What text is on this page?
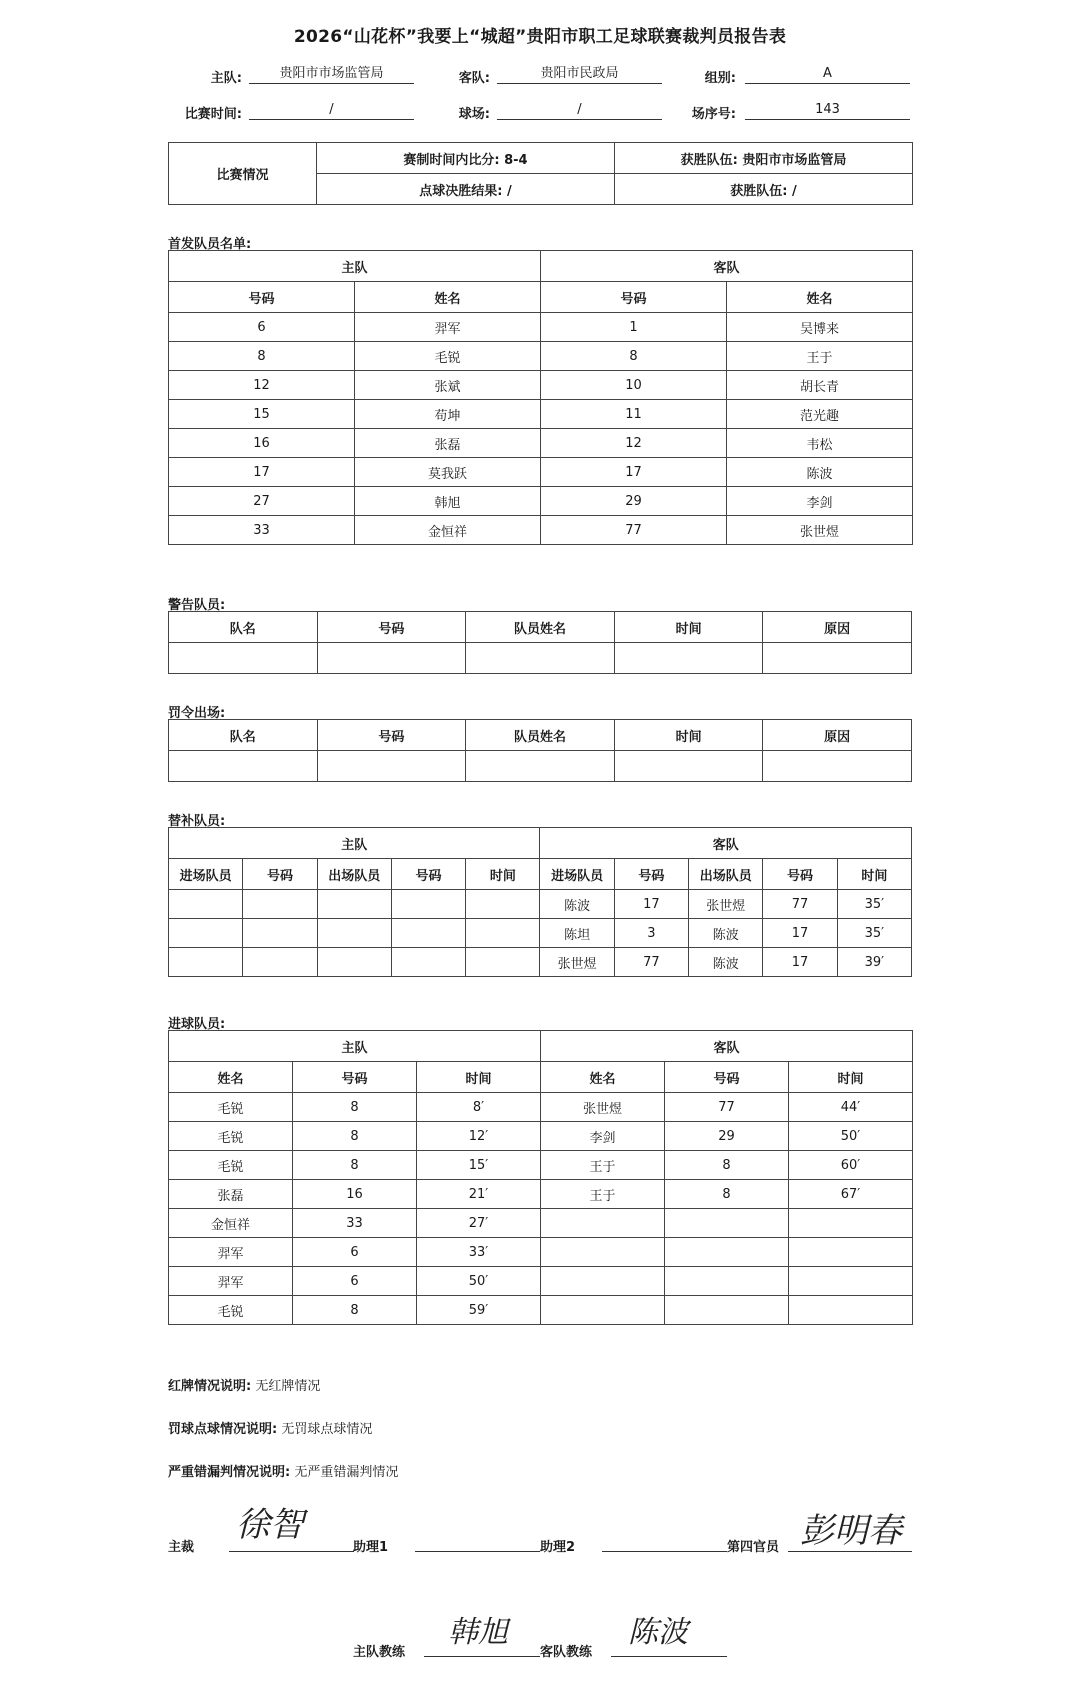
2026“山花杯”我要上“城超”贵阳市职工足球联赛裁判员报告表
主队:	贵阳市市场监管局	客队:	贵阳市民政局	组别:	A
比赛时间:	/	球场:	/	场序号:	143
比赛情况	赛制时间内比分: 8-4	获胜队伍: 贵阳市市场监管局
	点球决胜结果: /	获胜队伍: /
首发队员名单:
主队		客队	
号码	姓名	号码	姓名
6	羿军	1	吴博来
8	毛锐	8	王于
12	张斌	10	胡长青
15	苟坤	11	范光趣
16	张磊	12	韦松
17	莫我跃	17	陈波
27	韩旭	29	李剑
33	金恒祥	77	张世煜
警告队员:
队名	号码	队员姓名	时间	原因

罚令出场:
队名	号码	队员姓名	时间	原因

替补队员:
主队					客队				
进场队员	号码	出场队员	号码	时间	进场队员	号码	出场队员	号码	时间
					陈波	17	张世煜	77	35′
					陈坦	3	陈波	17	35′
					张世煜	77	陈波	17	39′
进球队员:
主队			客队		
姓名	号码	时间	姓名	号码	时间
毛锐	8	8′	张世煜	77	44′
毛锐	8	12′	李剑	29	50′
毛锐	8	15′	王于	8	60′
张磊	16	21′	王于	8	67′
金恒祥	33	27′			
羿军	6	33′			
羿军	6	50′			
毛锐	8	59′			
红牌情况说明: 无红牌情况
罚球点球情况说明: 无罚球点球情况
严重错漏判情况说明: 无严重错漏判情况
主裁
徐智
助理1	助理2	第四官员 彭明春
主队教练
韩旭
客队教练
陈波
